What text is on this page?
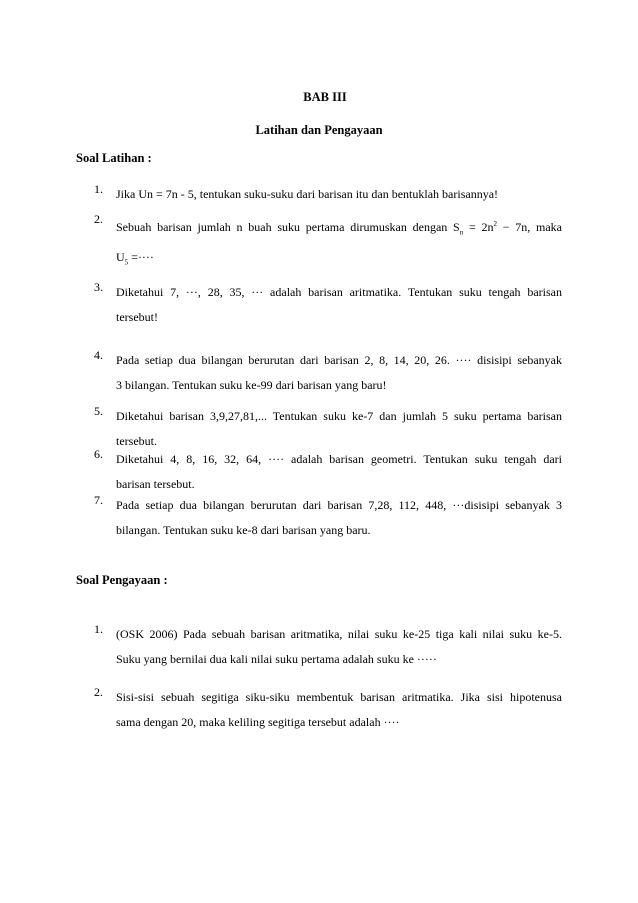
BAB III
Latihan dan Pengayaan
Soal Latihan :
1. Jika Un = 7n - 5, tentukan suku-suku dari barisan itu dan bentuklah barisannya!
2.
Sebuah barisan jumlah n buah suku pertama dirumuskan dengan $S_n = 2n^2 - 7n$, maka
$U_5$ =····
3. Diketahui 7, ···, 28, 35, ··· adalah barisan aritmatika. Tentukan suku tengah barisan
tersebut!
4. Pada setiap dua bilangan berurutan dari barisan 2, 8, 14, 20, 26. ···· disisipi sebanyak
3 bilangan. Tentukan suku ke-99 dari barisan yang baru!
5. Diketahui barisan 3,9,27,81,... Tentukan suku ke-7 dan jumlah 5 suku pertama barisan
tersebut.
6. Diketahui 4, 8, 16, 32, 64, ···· adalah barisan geometri. Tentukan suku tengah dari
barisan tersebut.
7. Pada setiap dua bilangan berurutan dari barisan 7,28, 112, 448, ···disisipi sebanyak 3
bilangan. Tentukan suku ke-8 dari barisan yang baru.
Soal Pengayaan :
1. (OSK 2006) Pada sebuah barisan aritmatika, nilai suku ke-25 tiga kali nilai suku ke-5.
Suku yang bernilai dua kali nilai suku pertama adalah suku ke ·····
2. Sisi-sisi sebuah segitiga siku-siku membentuk barisan aritmatika. Jika sisi hipotenusa
sama dengan 20, maka keliling segitiga tersebut adalah ····
